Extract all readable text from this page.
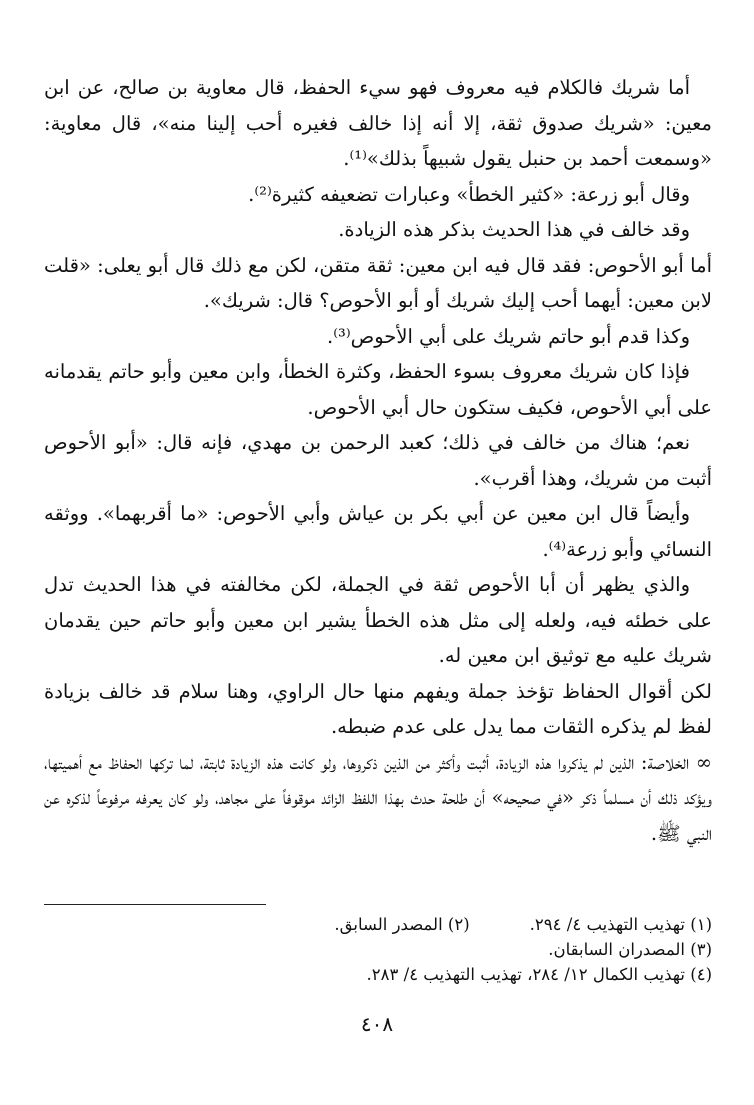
أما شريك فالكلام فيه معروف فهو سيء الحفظ، قال معاوية بن صالح، عن ابن معين: «شريك صدوق ثقة، إلا أنه إذا خالف فغيره أحب إلينا منه»، قال معاوية: «وسمعت أحمد بن حنبل يقول شبيهاً بذلك»⁽¹⁾.

وقال أبو زرعة: «كثير الخطأ» وعبارات تضعيفه كثيرة⁽²⁾.

وقد خالف في هذا الحديث بذكر هذه الزيادة.

أما أبو الأحوص: فقد قال فيه ابن معين: ثقة متقن، لكن مع ذلك قال أبو يعلى: «قلت لابن معين: أيهما أحب إليك شريك أو أبو الأحوص؟ قال: شريك».

وكذا قدم أبو حاتم شريك على أبي الأحوص⁽³⁾.

فإذا كان شريك معروف بسوء الحفظ، وكثرة الخطأ، وابن معين وأبو حاتم يقدمانه على أبي الأحوص، فكيف ستكون حال أبي الأحوص.

نعم؛ هناك من خالف في ذلك؛ كعبد الرحمن بن مهدي، فإنه قال: «أبو الأحوص أثبت من شريك، وهذا أقرب».

وأيضاً قال ابن معين عن أبي بكر بن عياش وأبي الأحوص: «ما أقربهما». ووثقه النسائي وأبو زرعة⁽⁴⁾.

والذي يظهر أن أبا الأحوص ثقة في الجملة، لكن مخالفته في هذا الحديث تدل على خطئه فيه، ولعله إلى مثل هذه الخطأ يشير ابن معين وأبو حاتم حين يقدمان شريك عليه مع توثيق ابن معين له.

لكن أقوال الحفاظ تؤخذ جملة ويفهم منها حال الراوي، وهنا سلام قد خالف بزيادة لفظ لم يذكره الثقات مما يدل على عدم ضبطه.

∞ الخلاصة: الذين لم يذكروا هذه الزيادة، أثبت وأكثر من الذين ذكروها، ولو كانت هذه الزيادة ثابتة، لما تركها الحفاظ مع أهميتها، ويؤكد ذلك أن مسلماً ذكر «في صحيحه» أن طلحة حدث بهذا اللفظ الزائد موقوفاً على مجاهد، ولو كان يعرفه مرفوعاً لذكره عن النبي ﷺ.

(١) تهذيب التهذيب ٤/ ٢٩٤.
(٢) المصدر السابق.
(٣) المصدران السابقان.
(٤) تهذيب الكمال ١٢/ ٢٨٤، تهذيب التهذيب ٤/ ٢٨٣.
٤٠٨
